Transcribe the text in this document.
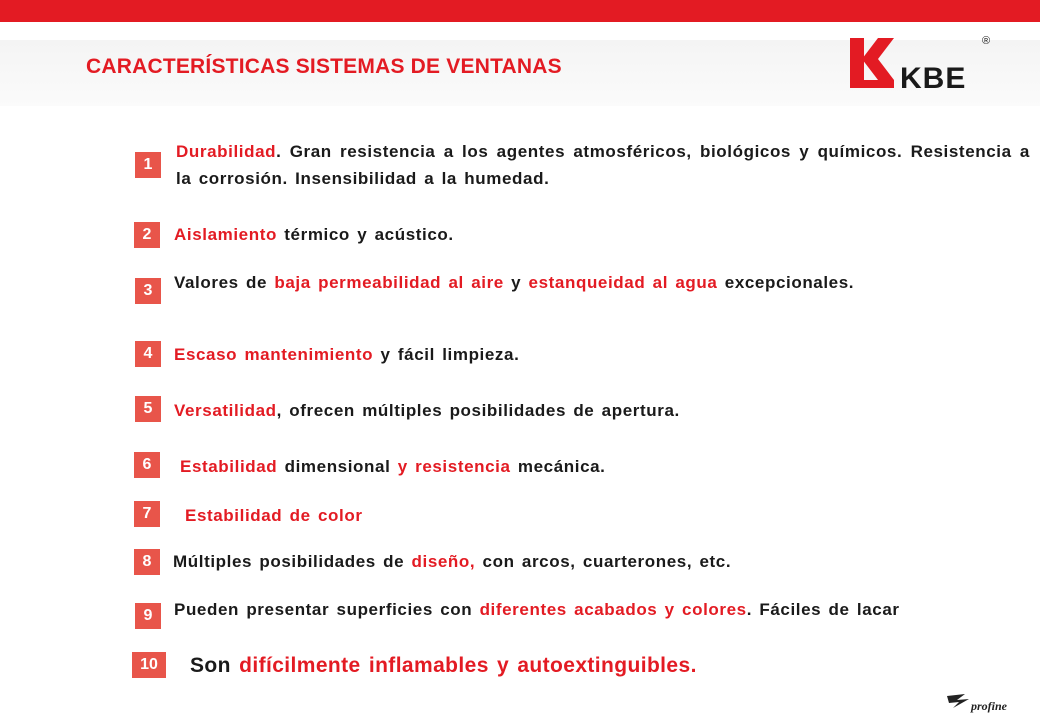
CARACTERÍSTICAS SISTEMAS DE VENTANAS	KBE
®
1
2
3
4
5
6
7
8
9
10
Durabilidad. Gran resistencia a los agentes atmosféricos, biológicos y químicos. Resistencia a la corrosión. Insensibilidad a la humedad.
Aislamiento térmico y acústico.
Valores de baja permeabilidad al aire y estanqueidad al agua excepcionales.
Escaso mantenimiento y fácil limpieza.
Versatilidad, ofrecen múltiples posibilidades de apertura.
Estabilidad dimensional y resistencia mecánica.
Estabilidad de color
Múltiples posibilidades de diseño, con arcos, cuarterones, etc.
Pueden presentar superficies con diferentes acabados y colores. Fáciles de lacar
Son difícilmente inflamables y autoextinguibles.
profine
